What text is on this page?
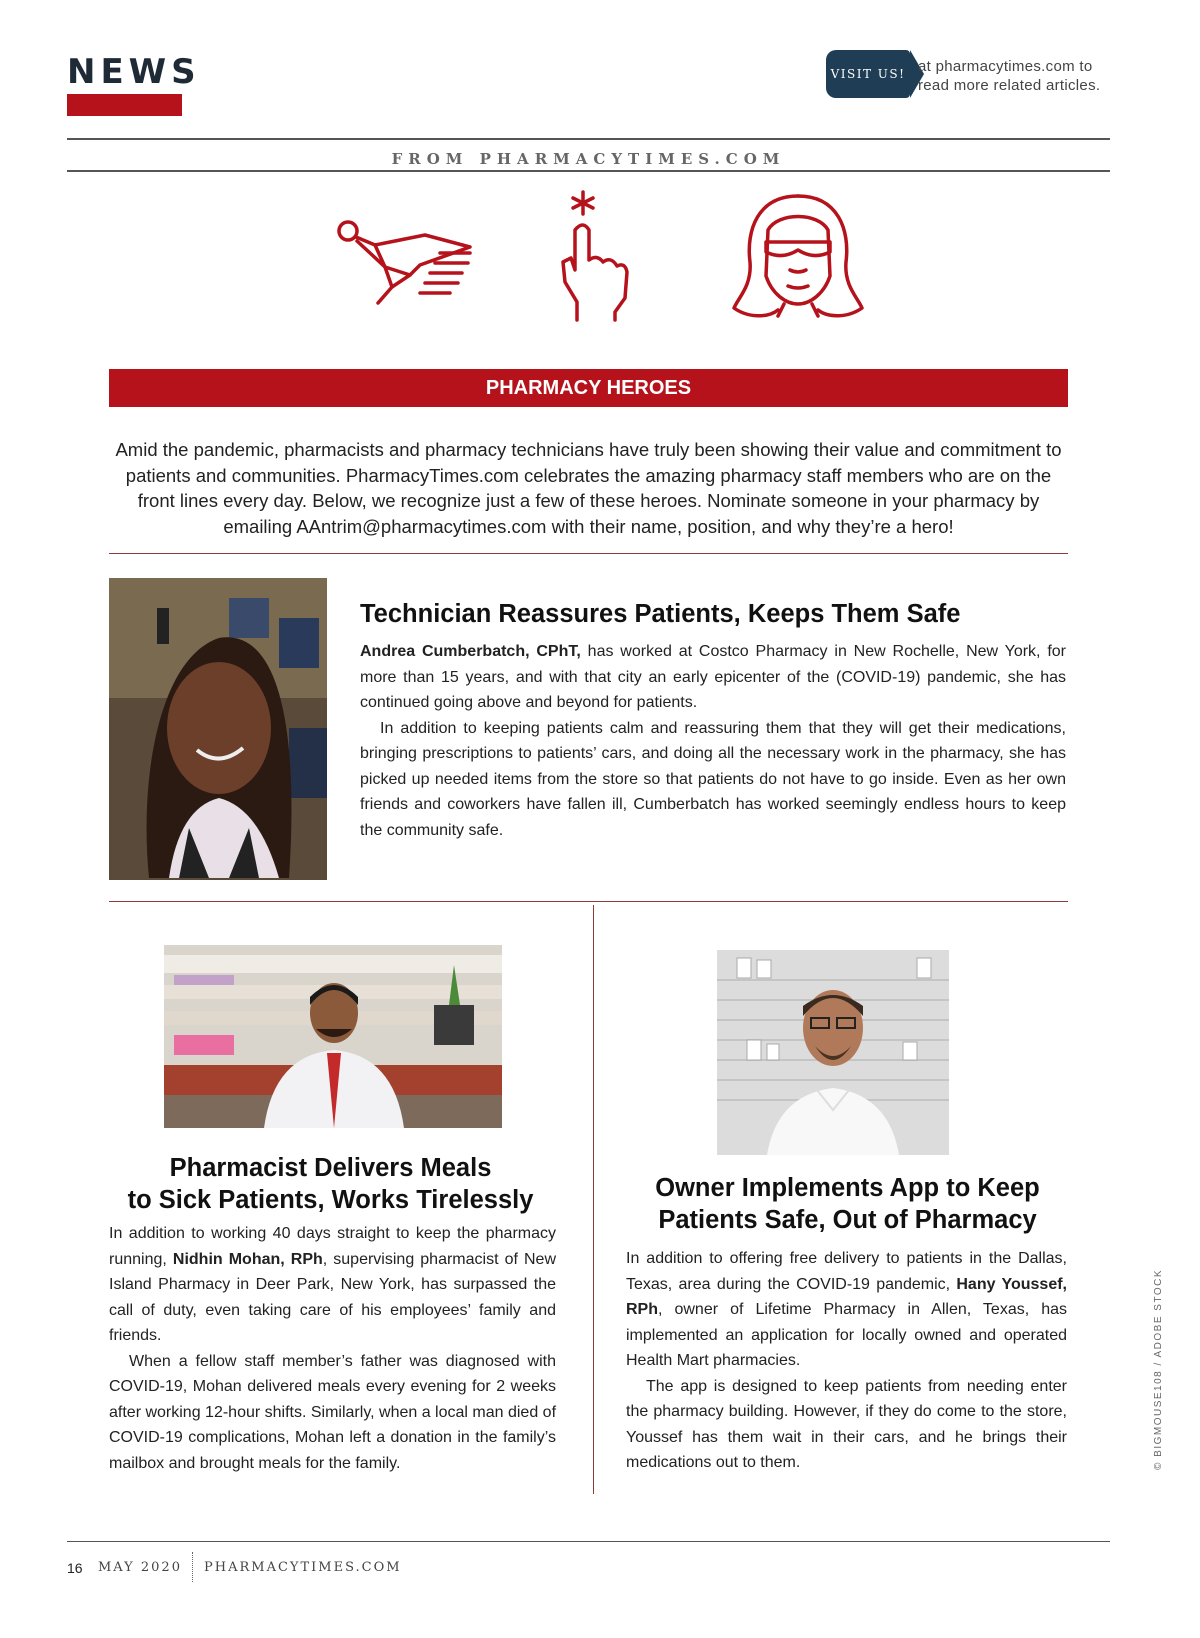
NEWS	VISIT US! at pharmacytimes.com to
read more related articles.
FROM PHARMACYTIMES.COM
PHARMACY HEROES
Amid the pandemic, pharmacists and pharmacy technicians have truly been showing their value and commitment to patients and communities. PharmacyTimes.com celebrates the amazing pharmacy staff members who are on the front lines every day. Below, we recognize just a few of these heroes. Nominate someone in your pharmacy by emailing AAntrim@pharmacytimes.com with their name, position, and why they’re a hero!
Technician Reassures Patients, Keeps Them Safe

Andrea Cumberbatch, CPhT, has worked at Costco Pharmacy in New Rochelle, New York, for more than 15 years, and with that city an early epicenter of the (COVID-19) pandemic, she has continued going above and beyond for patients.

In addition to keeping patients calm and reassuring them that they will get their medications, bringing prescriptions to patients’ cars, and doing all the necessary work in the pharmacy, she has picked up needed items from the store so that patients do not have to go inside. Even as her own friends and coworkers have fallen ill, Cumberbatch has worked seemingly endless hours to keep the community safe.

Pharmacist Delivers Meals
to Sick Patients, Works Tirelessly

In addition to working 40 days straight to keep the pharmacy running, Nidhin Mohan, RPh, supervising pharmacist of New Island Pharmacy in Deer Park, New York, has surpassed the call of duty, even taking care of his employees’ family and friends.

When a fellow staff member’s father was diagnosed with COVID-19, Mohan delivered meals every evening for 2 weeks after working 12-hour shifts. Similarly, when a local man died of COVID-19 complications, Mohan left a donation in the family’s mailbox and brought meals for the family.

Owner Implements App to Keep
Patients Safe, Out of Pharmacy

In addition to offering free delivery to patients in the Dallas, Texas, area during the COVID-19 pandemic, Hany Youssef, RPh, owner of Lifetime Pharmacy in Allen, Texas, has implemented an application for locally owned and operated Health Mart pharmacies.

The app is designed to keep patients from needing enter the pharmacy building. However, if they do come to the store, Youssef has them wait in their cars, and he brings their medications out to them.	© BIGMOUSE108 / ADOBE STOCK
16 MAY 2020 PHARMACYTIMES.COM
